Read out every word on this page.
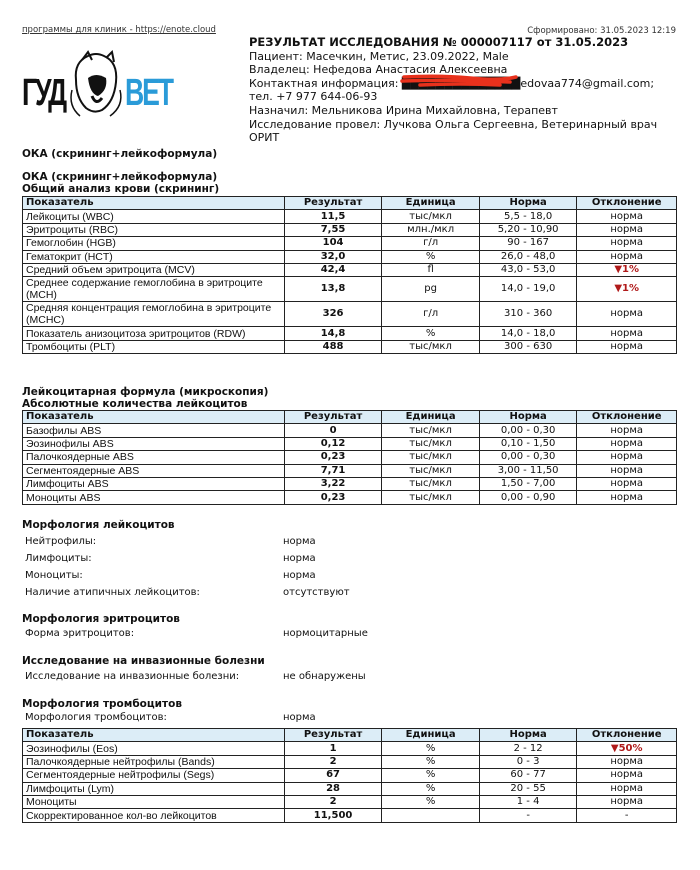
программы для клиник - https://enote.cloud	Сформировано: 31.05.2023 12:19
ГУД ВЕТ
РЕЗУЛЬТАТ ИССЛЕДОВАНИЯ № 000007117 от 31.05.2023
Пациент: Масечкин, Метис, 23.09.2022, Male
Владелец: Нефедова Анастасия Алексеевна
Контактная информация: ██████████████edovaa774@gmail.com;
тел. +7 977 644-06-93
Назначил: Мельникова Ирина Михайловна, Терапевт
Исследование провел: Лучкова Ольга Сергеевна, Ветеринарный врач
ОРИТ
ОКА (скрининг+лейкоформула)
ОКА (скрининг+лейкоформула)
Общий анализ крови (скрининг)
Показатель	Результат	Единица	Норма	Отклонение
Лейкоциты (WBC)	11,5	тыс/мкл	5,5 - 18,0	норма
Эритроциты (RBC)	7,55	млн./мкл	5,20 - 10,90	норма
Гемоглобин (HGB)	104	г/л	90 - 167	норма
Гематокрит (HCT)	32,0	%	26,0 - 48,0	норма
Средний объем эритроцита (MCV)	42,4	fl	43,0 - 53,0	▼1%
Среднее содержание гемоглобина в эритроците (MCH)	13,8	pg	14,0 - 19,0	▼1%
Средняя концентрация гемоглобина в эритроците (MCHC)	326	г/л	310 - 360	норма
Показатель анизоцитоза эритроцитов (RDW)	14,8	%	14,0 - 18,0	норма
Тромбоциты (PLT)	488	тыс/мкл	300 - 630	норма
Лейкоцитарная формула (микроскопия)
Абсолютные количества лейкоцитов
Показатель	Результат	Единица	Норма	Отклонение
Базофилы ABS	0	тыс/мкл	0,00 - 0,30	норма
Эозинофилы ABS	0,12	тыс/мкл	0,10 - 1,50	норма
Палочкоядерные ABS	0,23	тыс/мкл	0,00 - 0,30	норма
Сегментоядерные ABS	7,71	тыс/мкл	3,00 - 11,50	норма
Лимфоциты ABS	3,22	тыс/мкл	1,50 - 7,00	норма
Моноциты ABS	0,23	тыс/мкл	0,00 - 0,90	норма
Морфология лейкоцитов
Нейтрофилы:	норма
Лимфоциты:	норма
Моноциты:	норма
Наличие атипичных лейкоцитов:	отсутствуют
Морфология эритроцитов
Форма эритроцитов:	нормоцитарные
Исследование на инвазионные болезни
Исследование на инвазионные болезни:	не обнаружены
Морфология тромбоцитов
Морфология тромбоцитов:	норма
Показатель	Результат	Единица	Норма	Отклонение
Эозинофилы (Eos)	1	%	2 - 12	▼50%
Палочкоядерные нейтрофилы (Bands)	2	%	0 - 3	норма
Сегментоядерные нейтрофилы (Segs)	67	%	60 - 77	норма
Лимфоциты (Lym)	28	%	20 - 55	норма
Моноциты	2	%	1 - 4	норма
Скорректированное кол-во лейкоцитов	11,500		-	-
